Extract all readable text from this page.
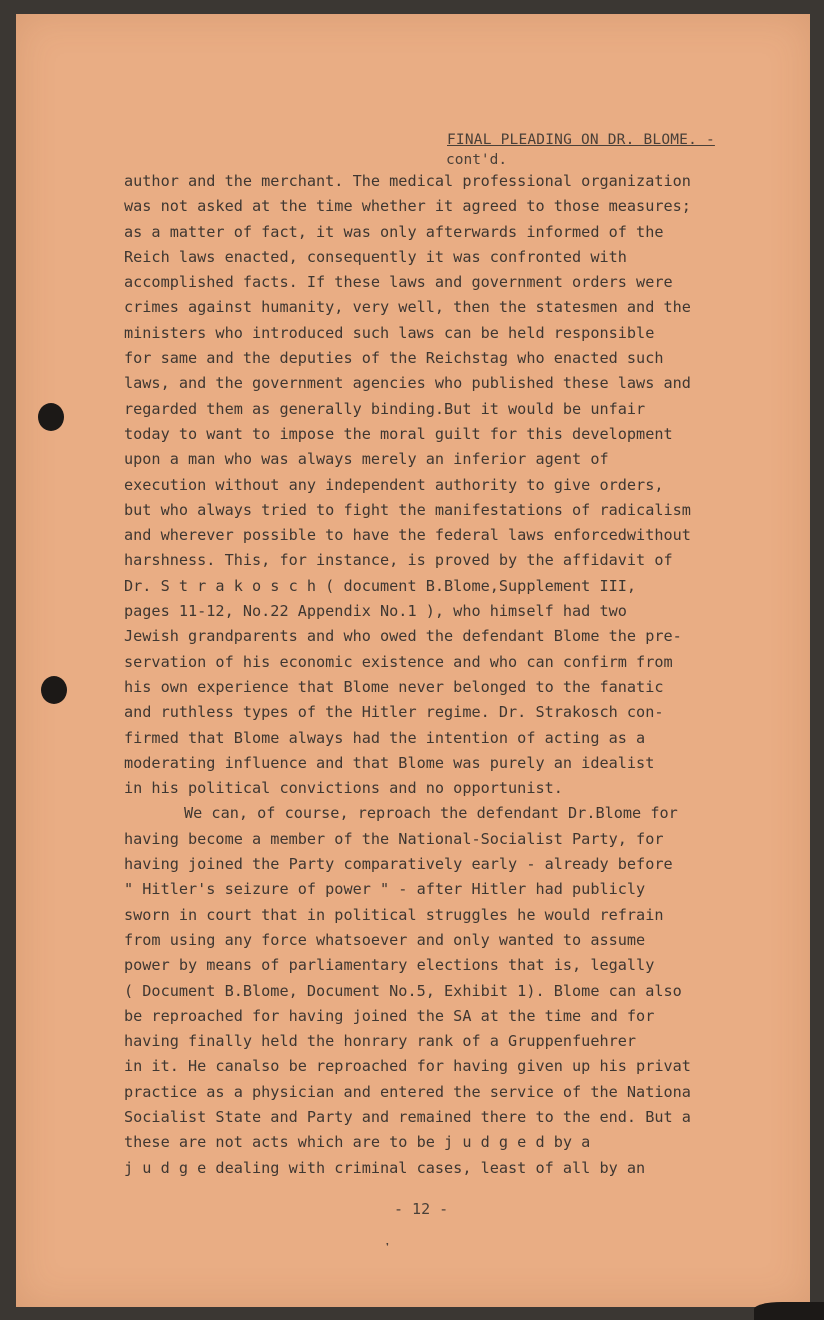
FINAL PLEADING ON DR. BLOME. -
cont'd.
author and the merchant. The medical professional organization
was not asked at the time whether it agreed to those measures;
as a matter of fact, it was only afterwards informed of the
Reich laws enacted, consequently it was confronted with
accomplished facts. If these laws and government orders were
crimes against humanity, very well, then the statesmen and the
ministers who introduced such laws can be held responsible
for same and the deputies of the Reichstag who enacted such
laws, and the government agencies who published these laws and
regarded them as generally binding.But it would be unfair
today to want to impose the moral guilt for this development
upon a man who was always merely an inferior agent of
execution without any independent authority to give orders,
but who always tried to fight the manifestations of radicalism
and wherever possible to have the federal laws enforcedwithout
harshness. This, for instance, is proved by the affidavit of
Dr. S t r a k o s c h ( document B.Blome,Supplement III,
pages 11-12, No.22 Appendix No.1 ), who himself had two
Jewish grandparents and who owed the defendant Blome the pre-
servation of his economic existence and who can confirm from
his own experience that Blome never belonged to the fanatic
and ruthless types of the Hitler regime. Dr. Strakosch con-
firmed that Blome always had the intention of acting as a
moderating influence and that Blome was purely an idealist
in his political convictions and no opportunist.
We can, of course, reproach the defendant Dr.Blome for
having become a member of the National-Socialist Party, for
having joined the Party comparatively early - already before
" Hitler's seizure of power " - after Hitler had publicly
sworn in court that in political struggles he would refrain
from using any force whatsoever and only wanted to assume
power by means of parliamentary elections that is, legally
( Document B.Blome, Document No.5, Exhibit 1). Blome can also
be reproached for having joined the SA at the time and for
having finally held the honrary rank of a Gruppenfuehrer
in it. He canalso be reproached for having given up his privat
practice as a physician and entered the service of the Nationa
Socialist State and Party and remained there to the end. But a
these are not acts which are to be j u d g e d by a
j u d g e dealing with criminal cases, least of all by an
- 12 -
❜
